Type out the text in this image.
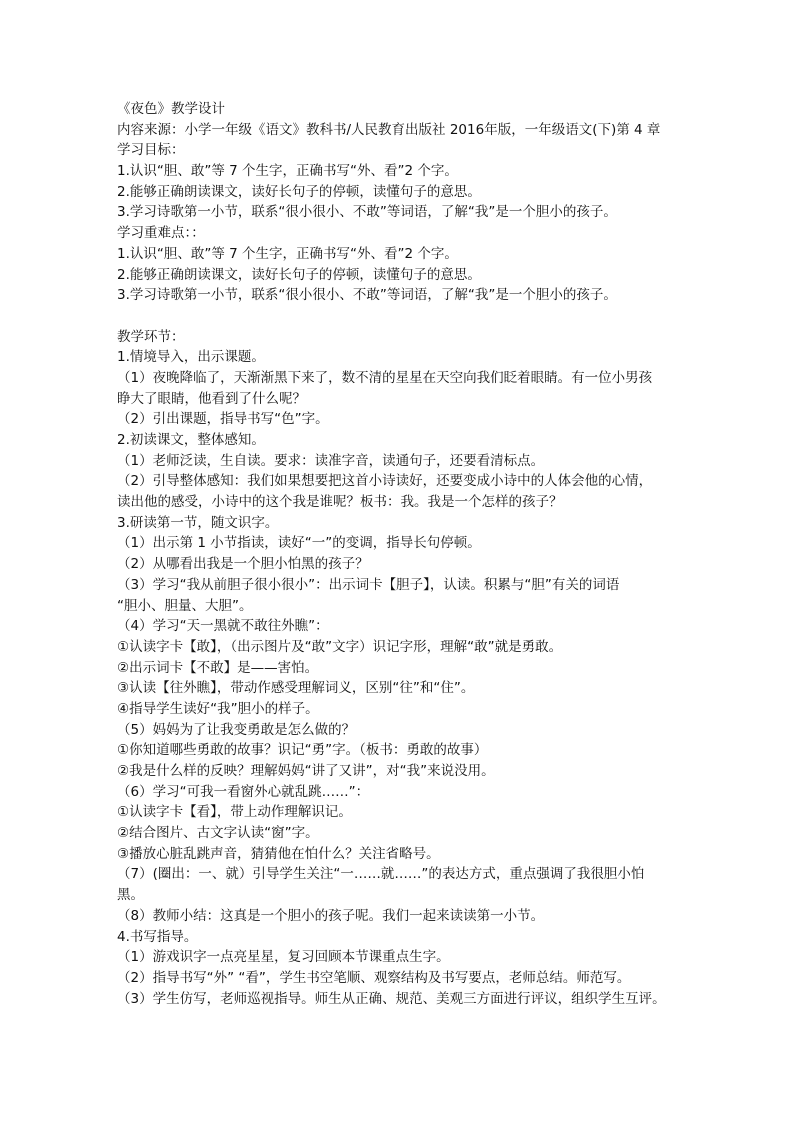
《夜色》教学设计

内容来源：小学一年级《语文》教科书/人民教育出版社 2016年版，一年级语文(下)第 4 章

学习目标：

1.认识“胆、敢”等 7 个生字，正确书写“外、看”2 个字。

2.能够正确朗读课文，读好长句子的停顿，读懂句子的意思。

3.学习诗歌第一小节，联系“很小很小、不敢”等词语，了解“我”是一个胆小的孩子。

学习重难点：：

1.认识“胆、敢”等 7 个生字，正确书写“外、看”2 个字。

2.能够正确朗读课文，读好长句子的停顿，读懂句子的意思。

3.学习诗歌第一小节，联系“很小很小、不敢”等词语，了解“我”是一个胆小的孩子。

教学环节：

1.情境导入，出示课题。

（1）夜晚降临了，天渐渐黑下来了，数不清的星星在天空向我们眨着眼睛。有一位小男孩

睁大了眼睛，他看到了什么呢？

（2）引出课题，指导书写“色”字。

2.初读课文，整体感知。

（1）老师泛读，生自读。要求：读准字音，读通句子，还要看清标点。

（2）引导整体感知：我们如果想要把这首小诗读好，还要变成小诗中的人体会他的心情，

读出他的感受，小诗中的这个我是谁呢？板书：我。我是一个怎样的孩子？

3.研读第一节，随文识字。

（1）出示第 1 小节指读，读好“一”的变调，指导长句停顿。

（2）从哪看出我是一个胆小怕黑的孩子？

（3）学习“我从前胆子很小很小”：出示词卡【胆子】，认读。积累与“胆”有关的词语

“胆小、胆量、大胆”。

（4）学习“天一黑就不敢往外瞧”：

①认读字卡【敢】，（出示图片及“敢”文字）识记字形，理解“敢”就是勇敢。

②出示词卡【不敢】是——害怕。

③认读【往外瞧】，带动作感受理解词义，区别“往”和“住”。

④指导学生读好“我”胆小的样子。

（5）妈妈为了让我变勇敢是怎么做的？

①你知道哪些勇敢的故事？识记“勇”字。（板书：勇敢的故事）

②我是什么样的反映？理解妈妈“讲了又讲”，对“我”来说没用。

（6）学习“可我一看窗外心就乱跳……”：

①认读字卡【看】，带上动作理解识记。

②结合图片、古文字认读“窗”字。

③播放心脏乱跳声音，猜猜他在怕什么？关注省略号。

（7）(圈出：一、就）引导学生关注“一……就……”的表达方式，重点强调了我很胆小怕

黑。

（8）教师小结：这真是一个胆小的孩子呢。我们一起来读读第一小节。

4.书写指导。

（1）游戏识字一点亮星星，复习回顾本节课重点生字。

（2）指导书写“外” “看”，学生书空笔顺、观察结构及书写要点，老师总结。师范写。

（3）学生仿写，老师巡视指导。师生从正确、规范、美观三方面进行评议，组织学生互评。
